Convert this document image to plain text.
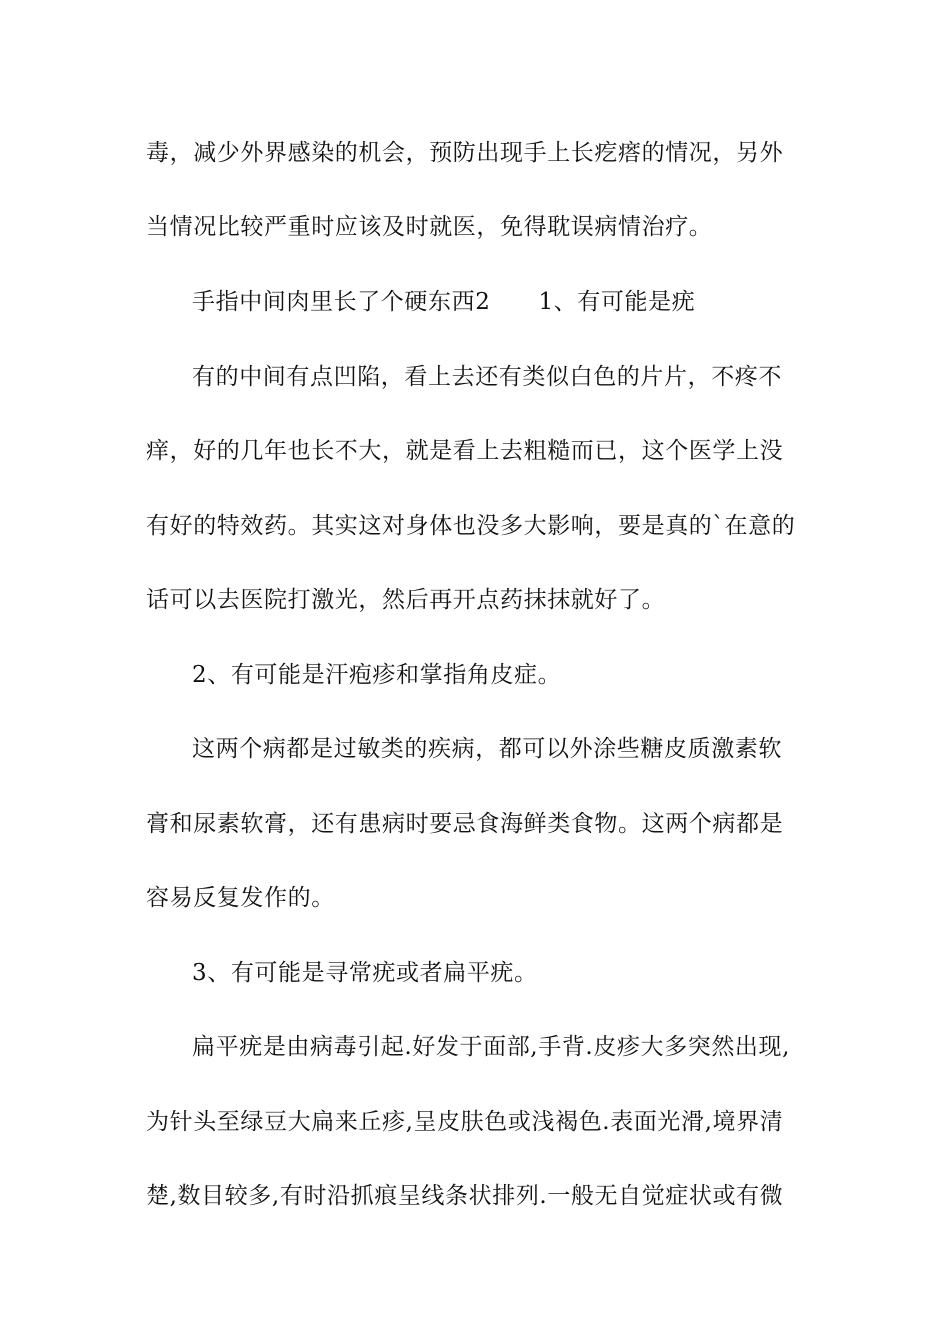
毒，减少外界感染的机会，预防出现手上长疙瘩的情况，另外
当情况比较严重时应该及时就医，免得耽误病情治疗。
手指中间肉里长了个硬东西2 1、有可能是疣
有的中间有点凹陷，看上去还有类似白色的片片，不疼不
痒，好的几年也长不大，就是看上去粗糙而已，这个医学上没
有好的特效药。其实这对身体也没多大影响，要是真的`在意的
话可以去医院打激光，然后再开点药抹抹就好了。
2、有可能是汗疱疹和掌指角皮症。
这两个病都是过敏类的疾病，都可以外涂些糖皮质激素软
膏和尿素软膏，还有患病时要忌食海鲜类食物。这两个病都是
容易反复发作的。
3、有可能是寻常疣或者扁平疣。
扁平疣是由病毒引起.好发于面部,手背.皮疹大多突然出现,
为针头至绿豆大扁来丘疹,呈皮肤色或浅褐色.表面光滑,境界清
楚,数目较多,有时沿抓痕呈线条状排列.一般无自觉症状或有微
